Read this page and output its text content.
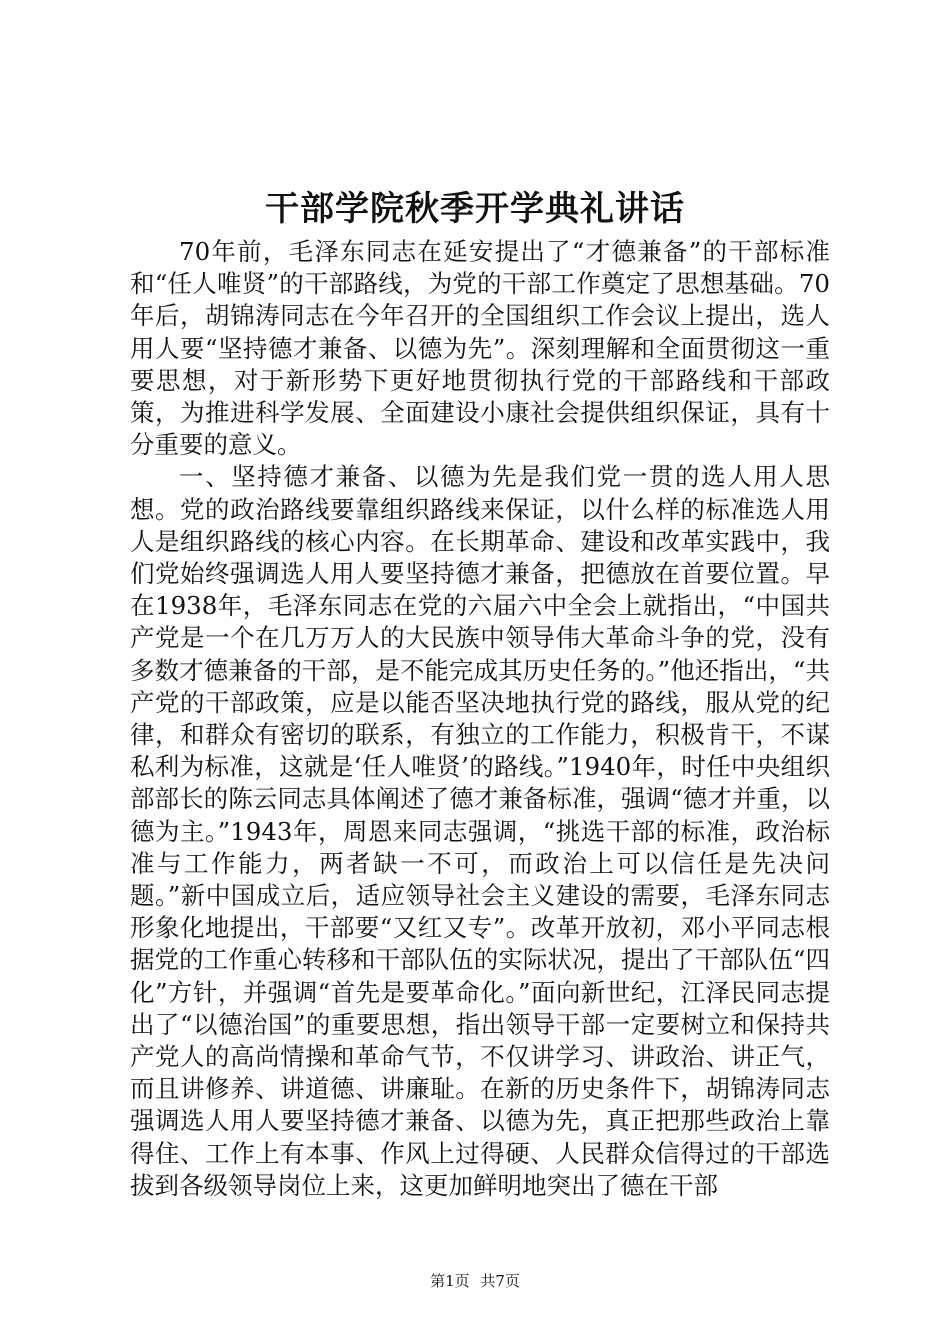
干部学院秋季开学典礼讲话

70年前，毛泽东同志在延安提出了“才德兼备”的干部标准和“任人唯贤”的干部路线，为党的干部工作奠定了思想基础。70年后，胡锦涛同志在今年召开的全国组织工作会议上提出，选人用人要“坚持德才兼备、以德为先”。深刻理解和全面贯彻这一重要思想，对于新形势下更好地贯彻执行党的干部路线和干部政策，为推进科学发展、全面建设小康社会提供组织保证，具有十分重要的意义。

一、坚持德才兼备、以德为先是我们党一贯的选人用人思想。党的政治路线要靠组织路线来保证，以什么样的标准选人用人是组织路线的核心内容。在长期革命、建设和改革实践中，我们党始终强调选人用人要坚持德才兼备，把德放在首要位置。早在1938年，毛泽东同志在党的六届六中全会上就指出，“中国共产党是一个在几万万人的大民族中领导伟大革命斗争的党，没有多数才德兼备的干部，是不能完成其历史任务的。”他还指出，“共产党的干部政策，应是以能否坚决地执行党的路线，服从党的纪律，和群众有密切的联系，有独立的工作能力，积极肯干，不谋私利为标准，这就是‘任人唯贤’的路线。”1940年，时任中央组织部部长的陈云同志具体阐述了德才兼备标准，强调“德才并重，以德为主。”1943年，周恩来同志强调，“挑选干部的标准，政治标准与工作能力，两者缺一不可，而政治上可以信任是先决问题。”新中国成立后，适应领导社会主义建设的需要，毛泽东同志形象化地提出，干部要“又红又专”。改革开放初，邓小平同志根据党的工作重心转移和干部队伍的实际状况，提出了干部队伍“四化”方针，并强调“首先是要革命化。”面向新世纪，江泽民同志提出了“以德治国”的重要思想，指出领导干部一定要树立和保持共产党人的高尚情操和革命气节，不仅讲学习、讲政治、讲正气，而且讲修养、讲道德、讲廉耻。在新的历史条件下，胡锦涛同志强调选人用人要坚持德才兼备、以德为先，真正把那些政治上靠得住、工作上有本事、作风上过得硬、人民群众信得过的干部选拔到各级领导岗位上来，这更加鲜明地突出了德在干部

第1页 共7页
